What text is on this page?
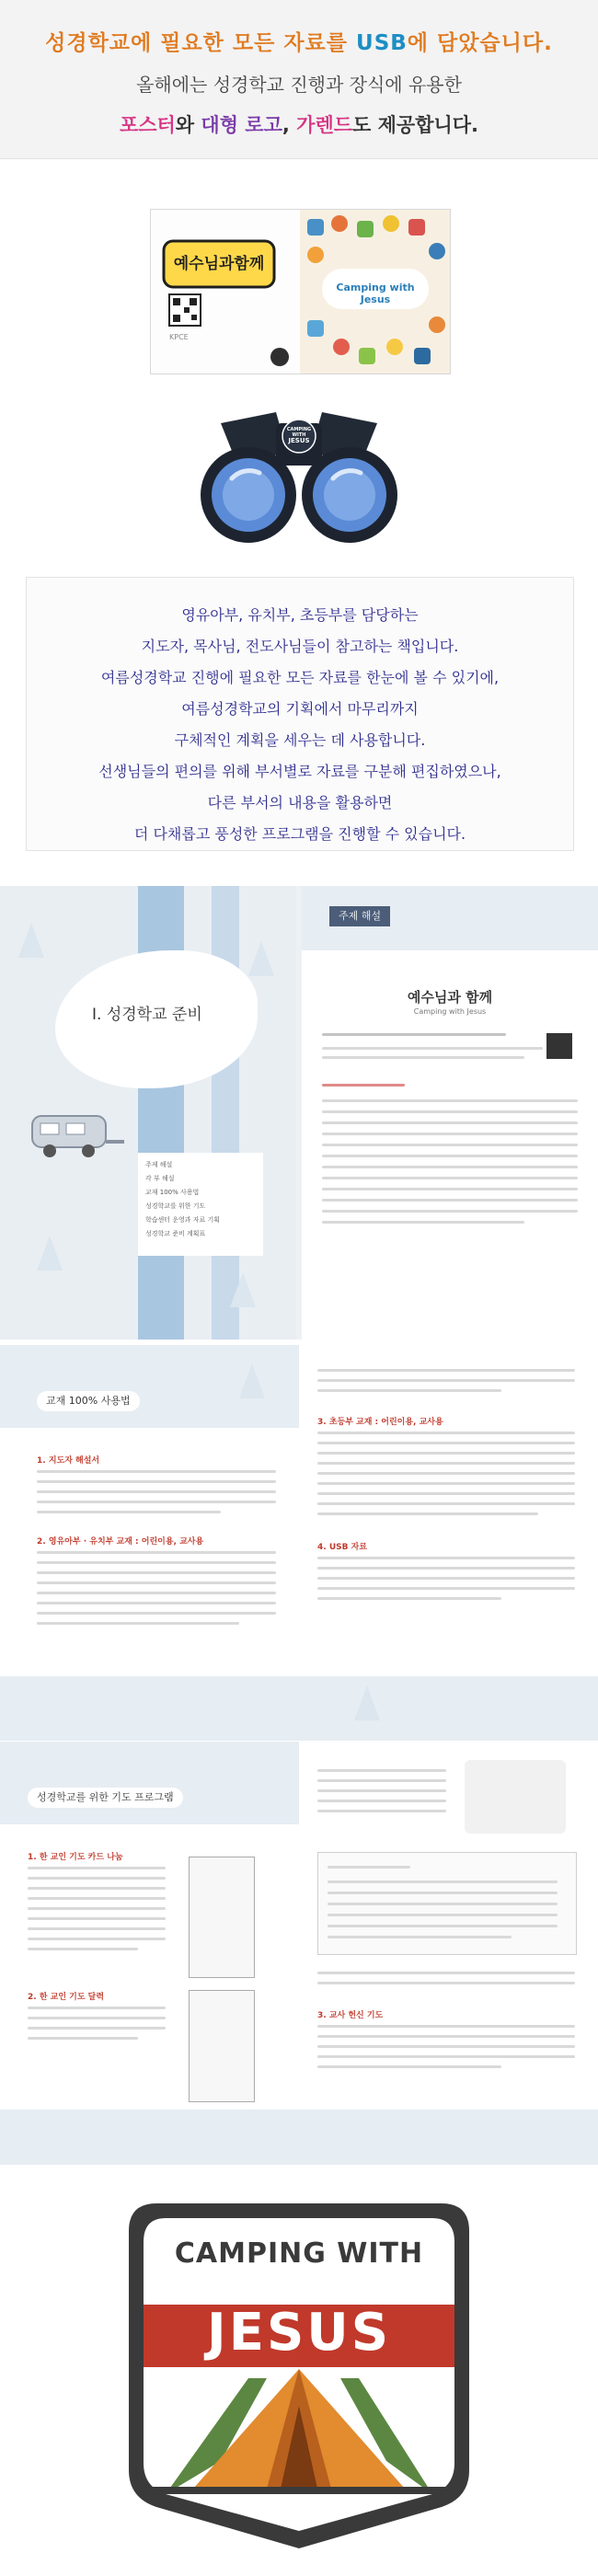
성경학교에 필요한 모든 자료를 USB에 담았습니다.
올해에는 성경학교 진행과 장식에 유용한
포스터와 대형 로고, 가렌드도 제공합니다.
예수님과함께
KPCE
Camping with Jesus
CAMPING WITH
JESUS

영유아부, 유치부, 초등부를 담당하는

지도자, 목사님, 전도사님들이 참고하는 책입니다.

여름성경학교 진행에 필요한 모든 자료를 한눈에 볼 수 있기에,

여름성경학교의 기획에서 마무리까지

구체적인 계획을 세우는 데 사용합니다.

선생님들의 편의를 위해 부서별로 자료를 구분해 편집하였으나,

다른 부서의 내용을 활용하면

더 다채롭고 풍성한 프로그램을 진행할 수 있습니다.

Ⅰ. 성경학교 준비
주제 해설
각 부 해설
교재 100% 사용법
성경학교를 위한 기도
학습센터 운영과 자료 기획
성경학교 준비 계획표
주제 해설
예수님과 함께
Camping with Jesus
교재 100% 사용법
1. 지도자 해설서
2. 영유아부 · 유치부 교재 : 어린이용, 교사용
3. 초등부 교재 : 어린이용, 교사용
4. USB 자료
성경학교를 위한 기도 프로그램
1. 한 교인 기도 카드 나눔
2. 한 교인 기도 달력
3. 교사 헌신 기도
CAMPING WITH
JESUS
